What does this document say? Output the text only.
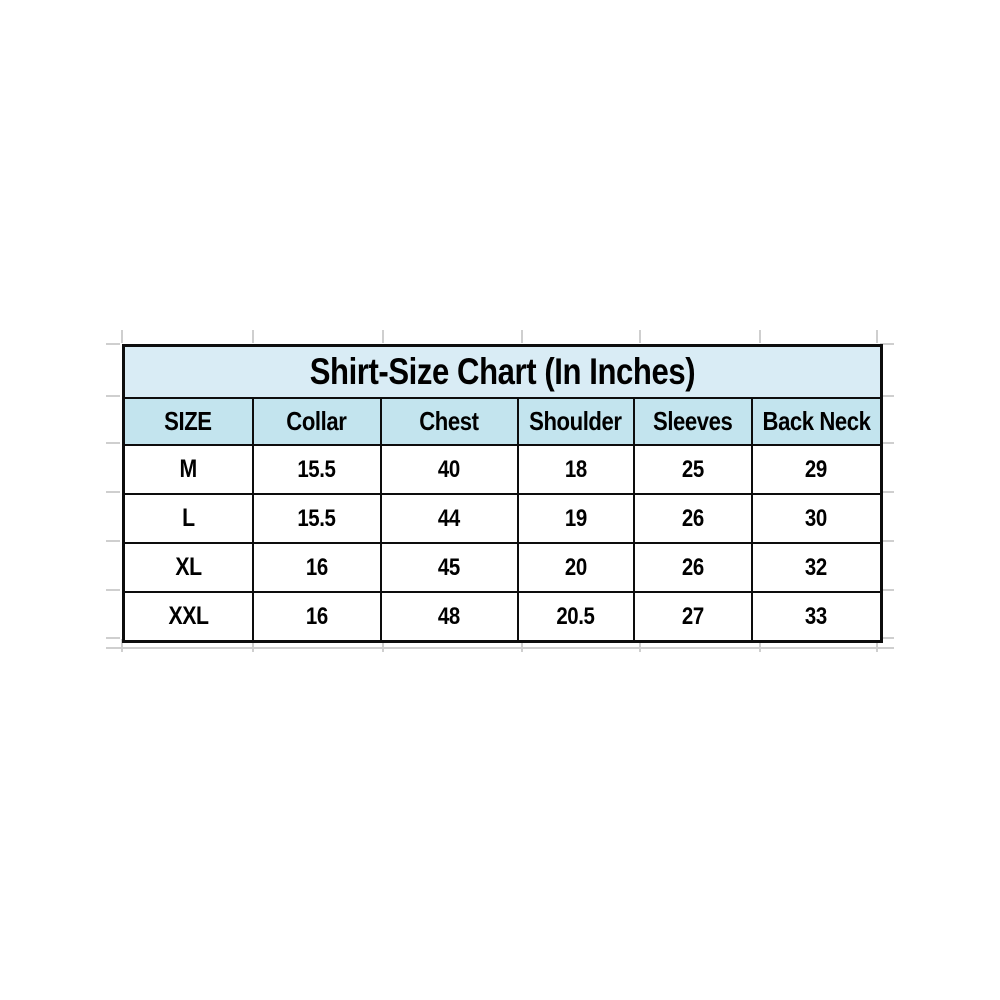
Shirt-Size Chart (In Inches)					
SIZE	Collar	Chest	Shoulder	Sleeves	Back Neck
M	15.5	40	18	25	29
L	15.5	44	19	26	30
XL	16	45	20	26	32
XXL	16	48	20.5	27	33
